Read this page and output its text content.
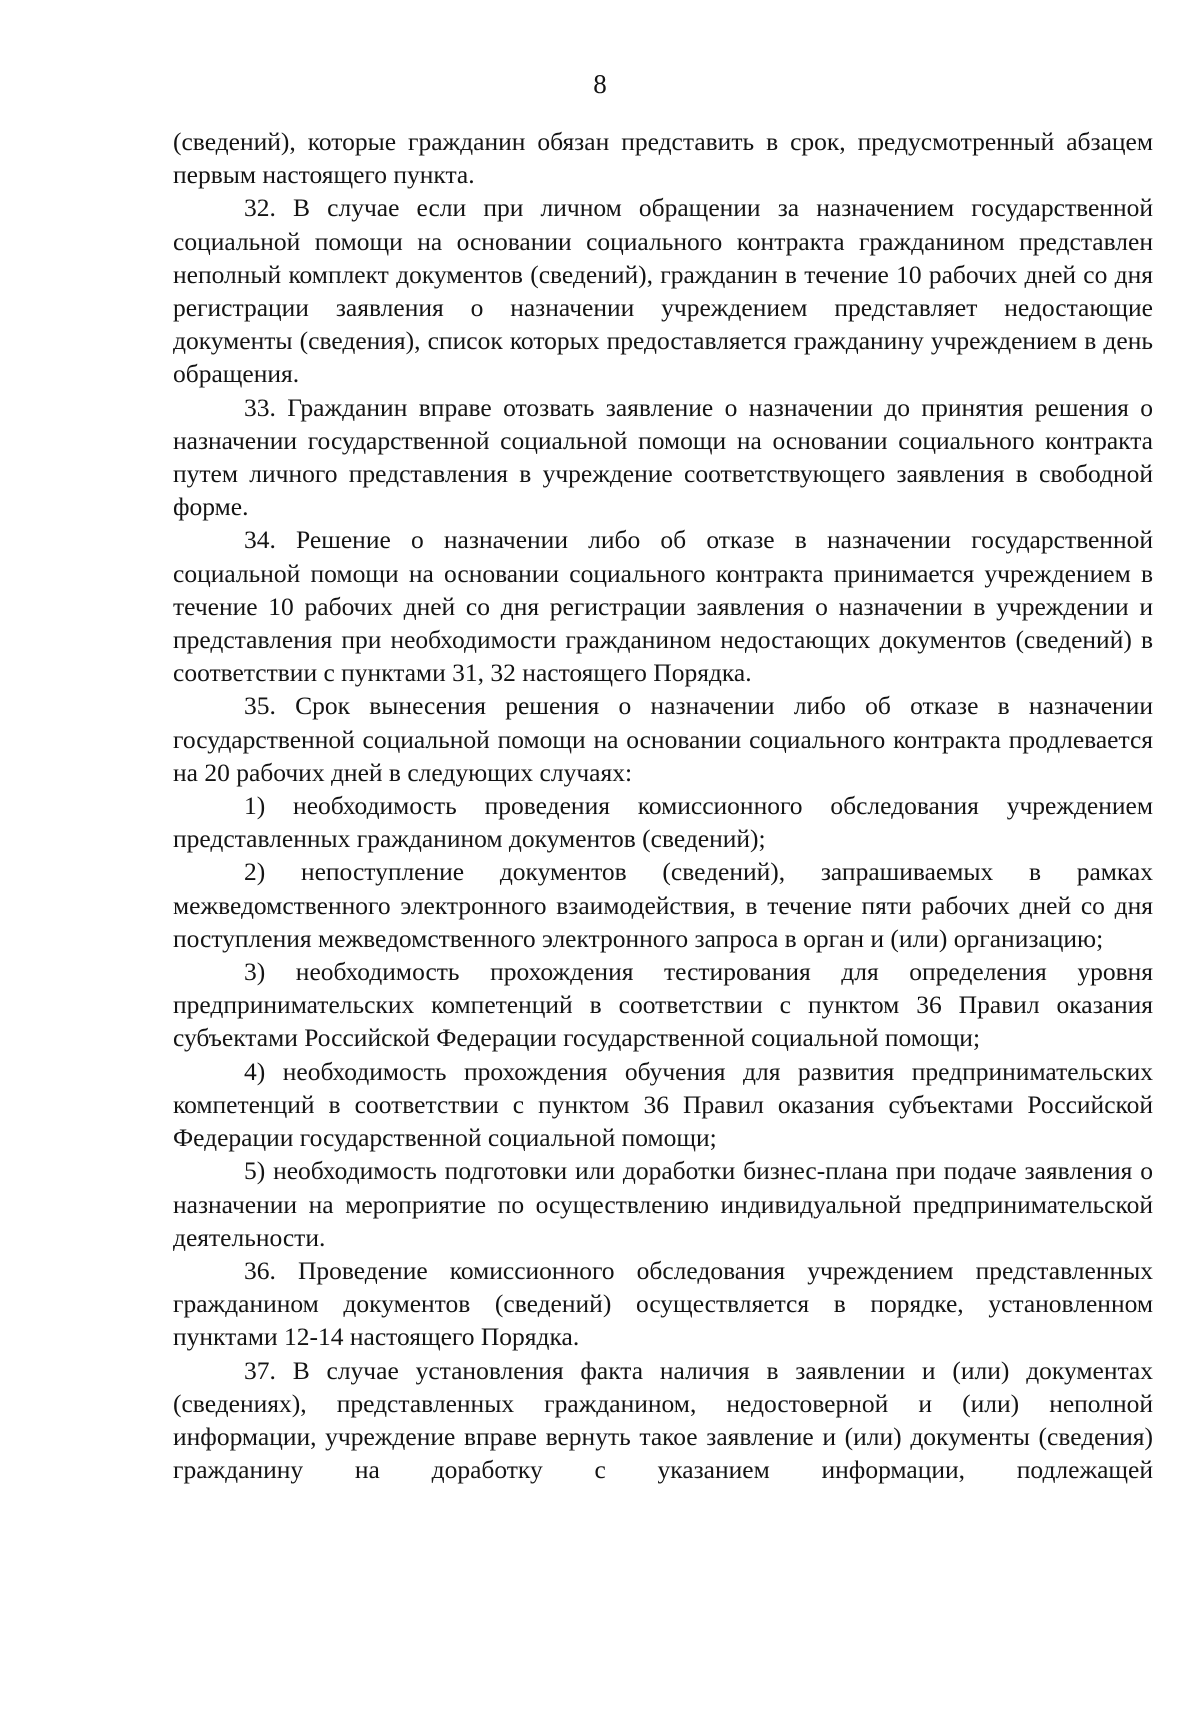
8

(сведений), которые гражданин обязан представить в срок, предусмотренный абзацем первым настоящего пункта.

32. В случае если при личном обращении за назначением государственной социальной помощи на основании социального контракта гражданином представлен неполный комплект документов (сведений), гражданин в течение 10 рабочих дней со дня регистрации заявления о назначении учреждением представляет недостающие документы (сведения), список которых предоставляется гражданину учреждением в день обращения.

33. Гражданин вправе отозвать заявление о назначении до принятия решения о назначении государственной социальной помощи на основании социального контракта путем личного представления в учреждение соответствующего заявления в свободной форме.

34. Решение о назначении либо об отказе в назначении государственной социальной помощи на основании социального контракта принимается учреждением в течение 10 рабочих дней со дня регистрации заявления о назначении в учреждении и представления при необходимости гражданином недостающих документов (сведений) в соответствии с пунктами 31, 32 настоящего Порядка.

35. Срок вынесения решения о назначении либо об отказе в назначении государственной социальной помощи на основании социального контракта продлевается на 20 рабочих дней в следующих случаях:

1) необходимость проведения комиссионного обследования учреждением представленных гражданином документов (сведений);

2) непоступление документов (сведений), запрашиваемых в рамках межведомственного электронного взаимодействия, в течение пяти рабочих дней со дня поступления межведомственного электронного запроса в орган и (или) организацию;

3) необходимость прохождения тестирования для определения уровня предпринимательских компетенций в соответствии с пунктом 36 Правил оказания субъектами Российской Федерации государственной социальной помощи;

4) необходимость прохождения обучения для развития предпринимательских компетенций в соответствии с пунктом 36 Правил оказания субъектами Российской Федерации государственной социальной помощи;

5) необходимость подготовки или доработки бизнес-плана при подаче заявления о назначении на мероприятие по осуществлению индивидуальной предпринимательской деятельности.

36. Проведение комиссионного обследования учреждением представленных гражданином документов (сведений) осуществляется в порядке, установленном пунктами 12-14 настоящего Порядка.

37. В случае установления факта наличия в заявлении и (или) документах (сведениях), представленных гражданином, недостоверной и (или) неполной информации, учреждение вправе вернуть такое заявление и (или) документы (сведения) гражданину на доработку с указанием информации, подлежащей
